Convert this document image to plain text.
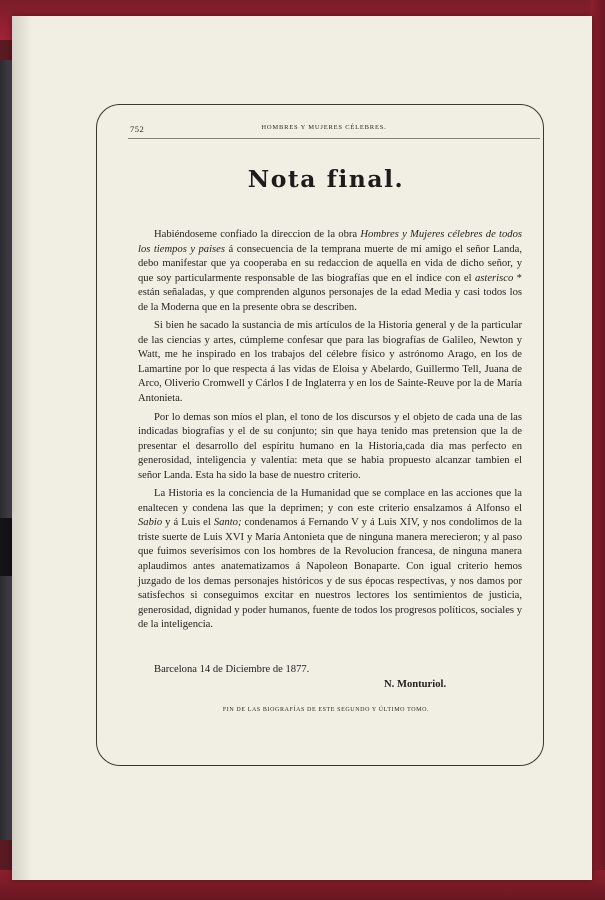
752	HOMBRES Y MUJERES CÉLEBRES.
Nota final.

Habiéndoseme confiado la direccion de la obra Hombres y Mujeres célebres de todos los tiempos y paises á consecuencia de la temprana muerte de mi amigo el señor Landa, debo manifestar que ya cooperaba en su redaccion de aquella en vida de dicho señor, y que soy particularmente responsable de las biografías que en el índice con el asterisco * están señaladas, y que comprenden algunos personajes de la edad Media y casi todos los de la Moderna que en la presente obra se describen.

Si bien he sacado la sustancia de mis artículos de la Historia general y de la particular de las ciencias y artes, cúmpleme confesar que para las biografías de Galileo, Newton y Watt, me he inspirado en los trabajos del célebre físico y astrónomo Arago, en los de Lamartine por lo que respecta á las vidas de Eloisa y Abelardo, Guillermo Tell, Juana de Arco, Oliverio Cromwell y Cárlos I de Inglaterra y en los de Sainte-Reuve por la de María Antonieta.

Por lo demas son míos el plan, el tono de los discursos y el objeto de cada una de las indicadas biografías y el de su conjunto; sin que haya tenido mas pretension que la de presentar el desarrollo del espíritu humano en la Historia,cada dia mas perfecto en generosidad, inteligencia y valentía: meta que se habia propuesto alcanzar tambien el señor Landa. Esta ha sido la base de nuestro criterio.

La Historia es la conciencia de la Humanidad que se complace en las acciones que la enaltecen y condena las que la deprimen; y con este criterio ensalzamos á Alfonso el Sabio y á Luis el Santo; condenamos á Fernando V y á Luis XIV, y nos condolimos de la triste suerte de Luis XVI y María Antonieta que de ninguna manera merecieron; y al paso que fuimos severísimos con los hombres de la Revolucion francesa, de ninguna manera aplaudimos antes anatematizamos á Napoleon Bonaparte. Con igual criterio hemos juzgado de los demas personajes históricos y de sus épocas respectivas, y nos damos por satisfechos si conseguimos excitar en nuestros lectores los sentimientos de justicia, generosidad, dignidad y poder humanos, fuente de todos los progresos políticos, sociales y de la inteligencia.

Barcelona 14 de Diciembre de 1877.
N. Monturiol.
FIN DE LAS BIOGRAFÍAS DE ESTE SEGUNDO Y ÚLTIMO TOMO.
